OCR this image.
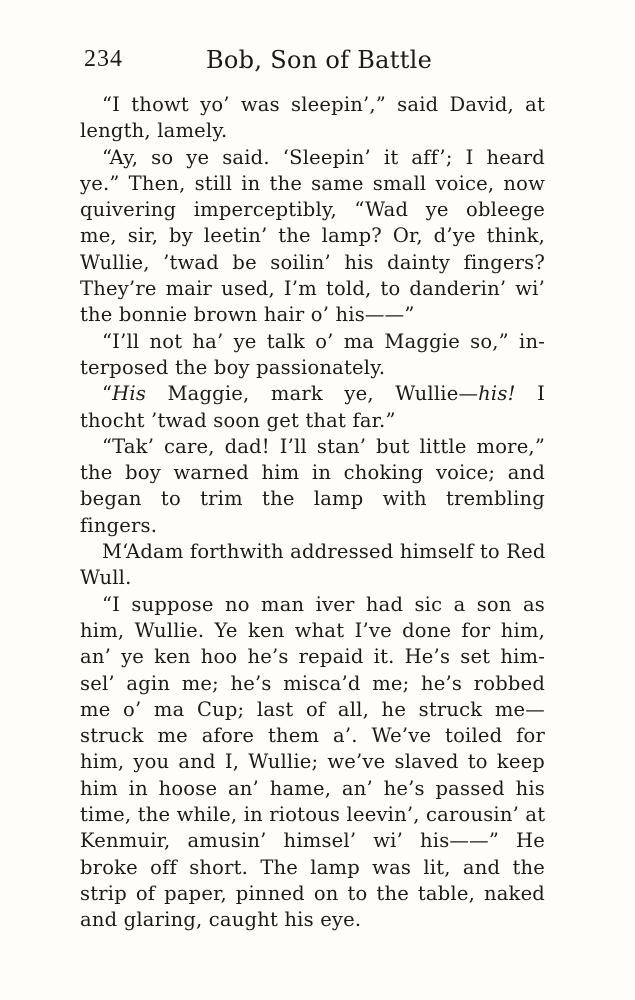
234	Bob, Son of Battle
“I thowt yo’ was sleepin’,” said David, at
length, lamely.
“Ay, so ye said. ‘Sleepin’ it aff’; I heard
ye.” Then, still in the same small voice, now
quivering imperceptibly, “Wad ye obleege
me, sir, by leetin’ the lamp? Or, d’ye think,
Wullie, ’twad be soilin’ his dainty fingers?
They’re mair used, I’m told, to danderin’ wi’
the bonnie brown hair o’ his——”
“I’ll not ha’ ye talk o’ ma Maggie so,” in-
terposed the boy passionately.
“His Maggie, mark ye, Wullie—his! I
thocht ’twad soon get that far.”
“Tak’ care, dad! I’ll stan’ but little more,”
the boy warned him in choking voice; and
began to trim the lamp with trembling
fingers.
M‘Adam forthwith addressed himself to Red
Wull.
“I suppose no man iver had sic a son as
him, Wullie. Ye ken what I’ve done for him,
an’ ye ken hoo he’s repaid it. He’s set him-
sel’ agin me; he’s misca’d me; he’s robbed
me o’ ma Cup; last of all, he struck me—
struck me afore them a’. We’ve toiled for
him, you and I, Wullie; we’ve slaved to keep
him in hoose an’ hame, an’ he’s passed his
time, the while, in riotous leevin’, carousin’ at
Kenmuir, amusin’ himsel’ wi’ his——” He
broke off short. The lamp was lit, and the
strip of paper, pinned on to the table, naked
and glaring, caught his eye.
